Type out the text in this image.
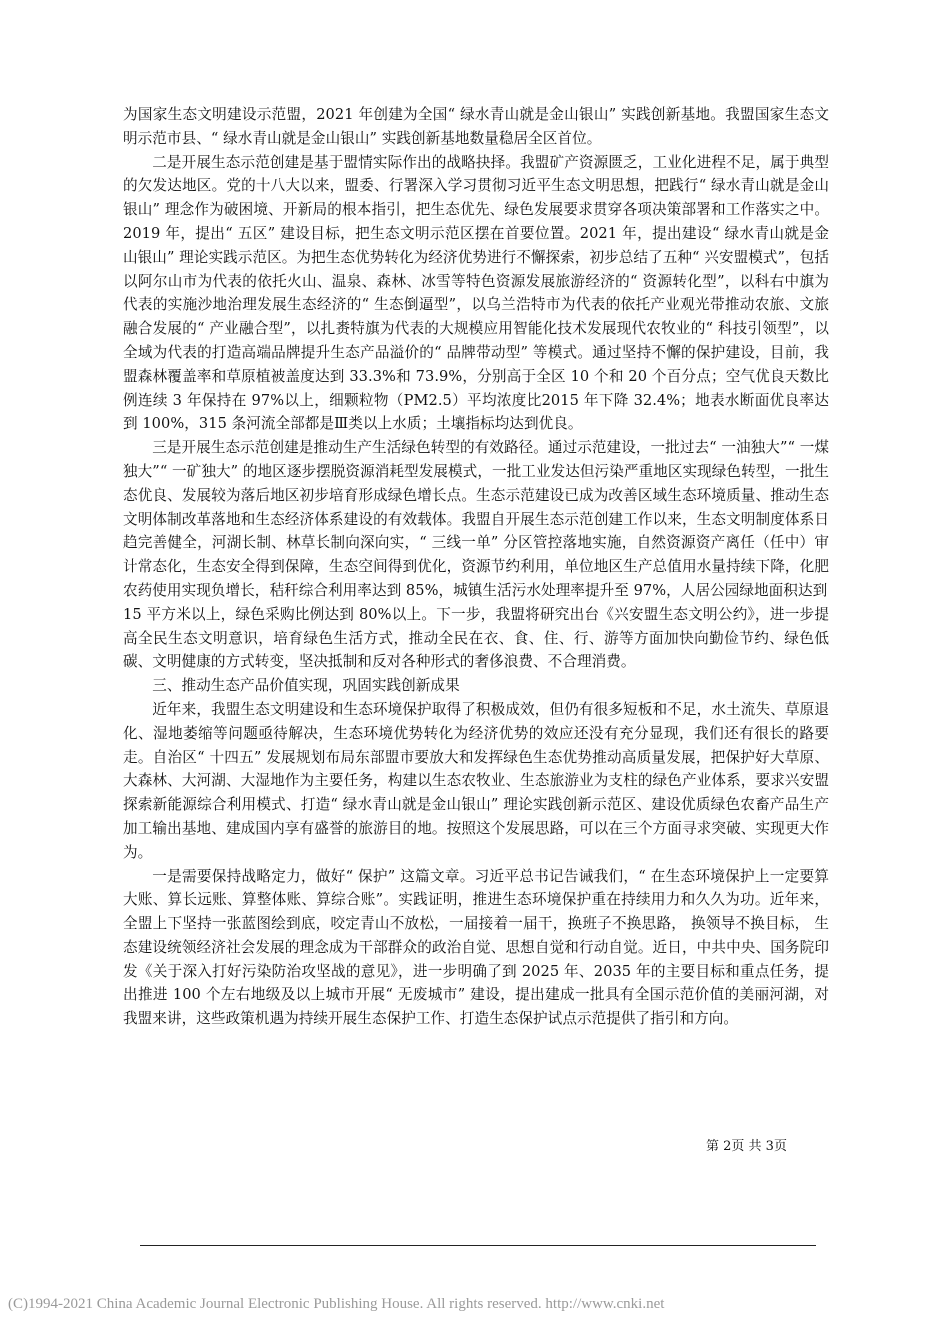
为国家生态文明建设示范盟，2021 年创建为全国“ 绿水青山就是金山银山” 实践创新基地。我盟国家生态文明示范市县、“ 绿水青山就是金山银山” 实践创新基地数量稳居全区首位。

二是开展生态示范创建是基于盟情实际作出的战略抉择。我盟矿产资源匮乏，工业化进程不足，属于典型的欠发达地区。党的十八大以来，盟委、行署深入学习贯彻习近平生态文明思想，把践行“ 绿水青山就是金山银山” 理念作为破困境、开新局的根本指引，把生态优先、绿色发展要求贯穿各项决策部署和工作落实之中。2019 年，提出“ 五区” 建设目标，把生态文明示范区摆在首要位置。2021 年，提出建设“ 绿水青山就是金山银山” 理论实践示范区。为把生态优势转化为经济优势进行不懈探索，初步总结了五种“ 兴安盟模式”，包括以阿尔山市为代表的依托火山、温泉、森林、冰雪等特色资源发展旅游经济的“ 资源转化型”，以科右中旗为代表的实施沙地治理发展生态经济的“ 生态倒逼型”，以乌兰浩特市为代表的依托产业观光带推动农旅、文旅融合发展的“ 产业融合型”，以扎赉特旗为代表的大规模应用智能化技术发展现代农牧业的“ 科技引领型”，以全域为代表的打造高端品牌提升生态产品溢价的“ 品牌带动型” 等模式。通过坚持不懈的保护建设，目前，我盟森林覆盖率和草原植被盖度达到 33.3%和 73.9%，分别高于全区 10 个和 20 个百分点；空气优良天数比例连续 3 年保持在 97%以上，细颗粒物（PM2.5）平均浓度比2015 年下降 32.4%；地表水断面优良率达到 100%，315 条河流全部都是Ⅲ类以上水质；土壤指标均达到优良。

三是开展生态示范创建是推动生产生活绿色转型的有效路径。通过示范建设，一批过去“ 一油独大”“ 一煤独大”“ 一矿独大” 的地区逐步摆脱资源消耗型发展模式，一批工业发达但污染严重地区实现绿色转型，一批生态优良、发展较为落后地区初步培育形成绿色增长点。生态示范建设已成为改善区域生态环境质量、推动生态文明体制改革落地和生态经济体系建设的有效载体。我盟自开展生态示范创建工作以来，生态文明制度体系日趋完善健全，河湖长制、林草长制向深向实，“ 三线一单” 分区管控落地实施，自然资源资产离任（任中）审计常态化，生态安全得到保障，生态空间得到优化，资源节约利用，单位地区生产总值用水量持续下降，化肥农药使用实现负增长，秸秆综合利用率达到 85%，城镇生活污水处理率提升至 97%，人居公园绿地面积达到

15 平方米以上，绿色采购比例达到 80%以上。下一步，我盟将研究出台《兴安盟生态文明公约》，进一步提高全民生态文明意识，培育绿色生活方式，推动全民在衣、食、住、行、游等方面加快向勤俭节约、绿色低碳、文明健康的方式转变，坚决抵制和反对各种形式的奢侈浪费、不合理消费。

三、推动生态产品价值实现，巩固实践创新成果

近年来，我盟生态文明建设和生态环境保护取得了积极成效，但仍有很多短板和不足，水土流失、草原退化、湿地萎缩等问题亟待解决，生态环境优势转化为经济优势的效应还没有充分显现，我们还有很长的路要走。自治区“ 十四五” 发展规划布局东部盟市要放大和发挥绿色生态优势推动高质量发展，把保护好大草原、大森林、大河湖、大湿地作为主要任务，构建以生态农牧业、生态旅游业为支柱的绿色产业体系，要求兴安盟探索新能源综合利用模式、打造“ 绿水青山就是金山银山” 理论实践创新示范区、建设优质绿色农畜产品生产加工输出基地、建成国内享有盛誉的旅游目的地。按照这个发展思路，可以在三个方面寻求突破、实现更大作为。

一是需要保持战略定力，做好“ 保护” 这篇文章。习近平总书记告诫我们，“ 在生态环境保护上一定要算大账、算长远账、算整体账、算综合账”。实践证明，推进生态环境保护重在持续用力和久久为功。近年来，全盟上下坚持一张蓝图绘到底，咬定青山不放松，一届接着一届干，换班子不换思路， 换领导不换目标， 生态建设统领经济社会发展的理念成为干部群众的政治自觉、思想自觉和行动自觉。近日，中共中央、国务院印发《关于深入打好污染防治攻坚战的意见》，进一步明确了到 2025 年、2035 年的主要目标和重点任务，提出推进 100 个左右地级及以上城市开展“ 无废城市” 建设，提出建成一批具有全国示范价值的美丽河湖，对我盟来讲，这些政策机遇为持续开展生态保护工作、打造生态保护试点示范提供了指引和方向。

第 2页 共 3页
(C)1994-2021 China Academic Journal Electronic Publishing House. All rights reserved. http://www.cnki.net
